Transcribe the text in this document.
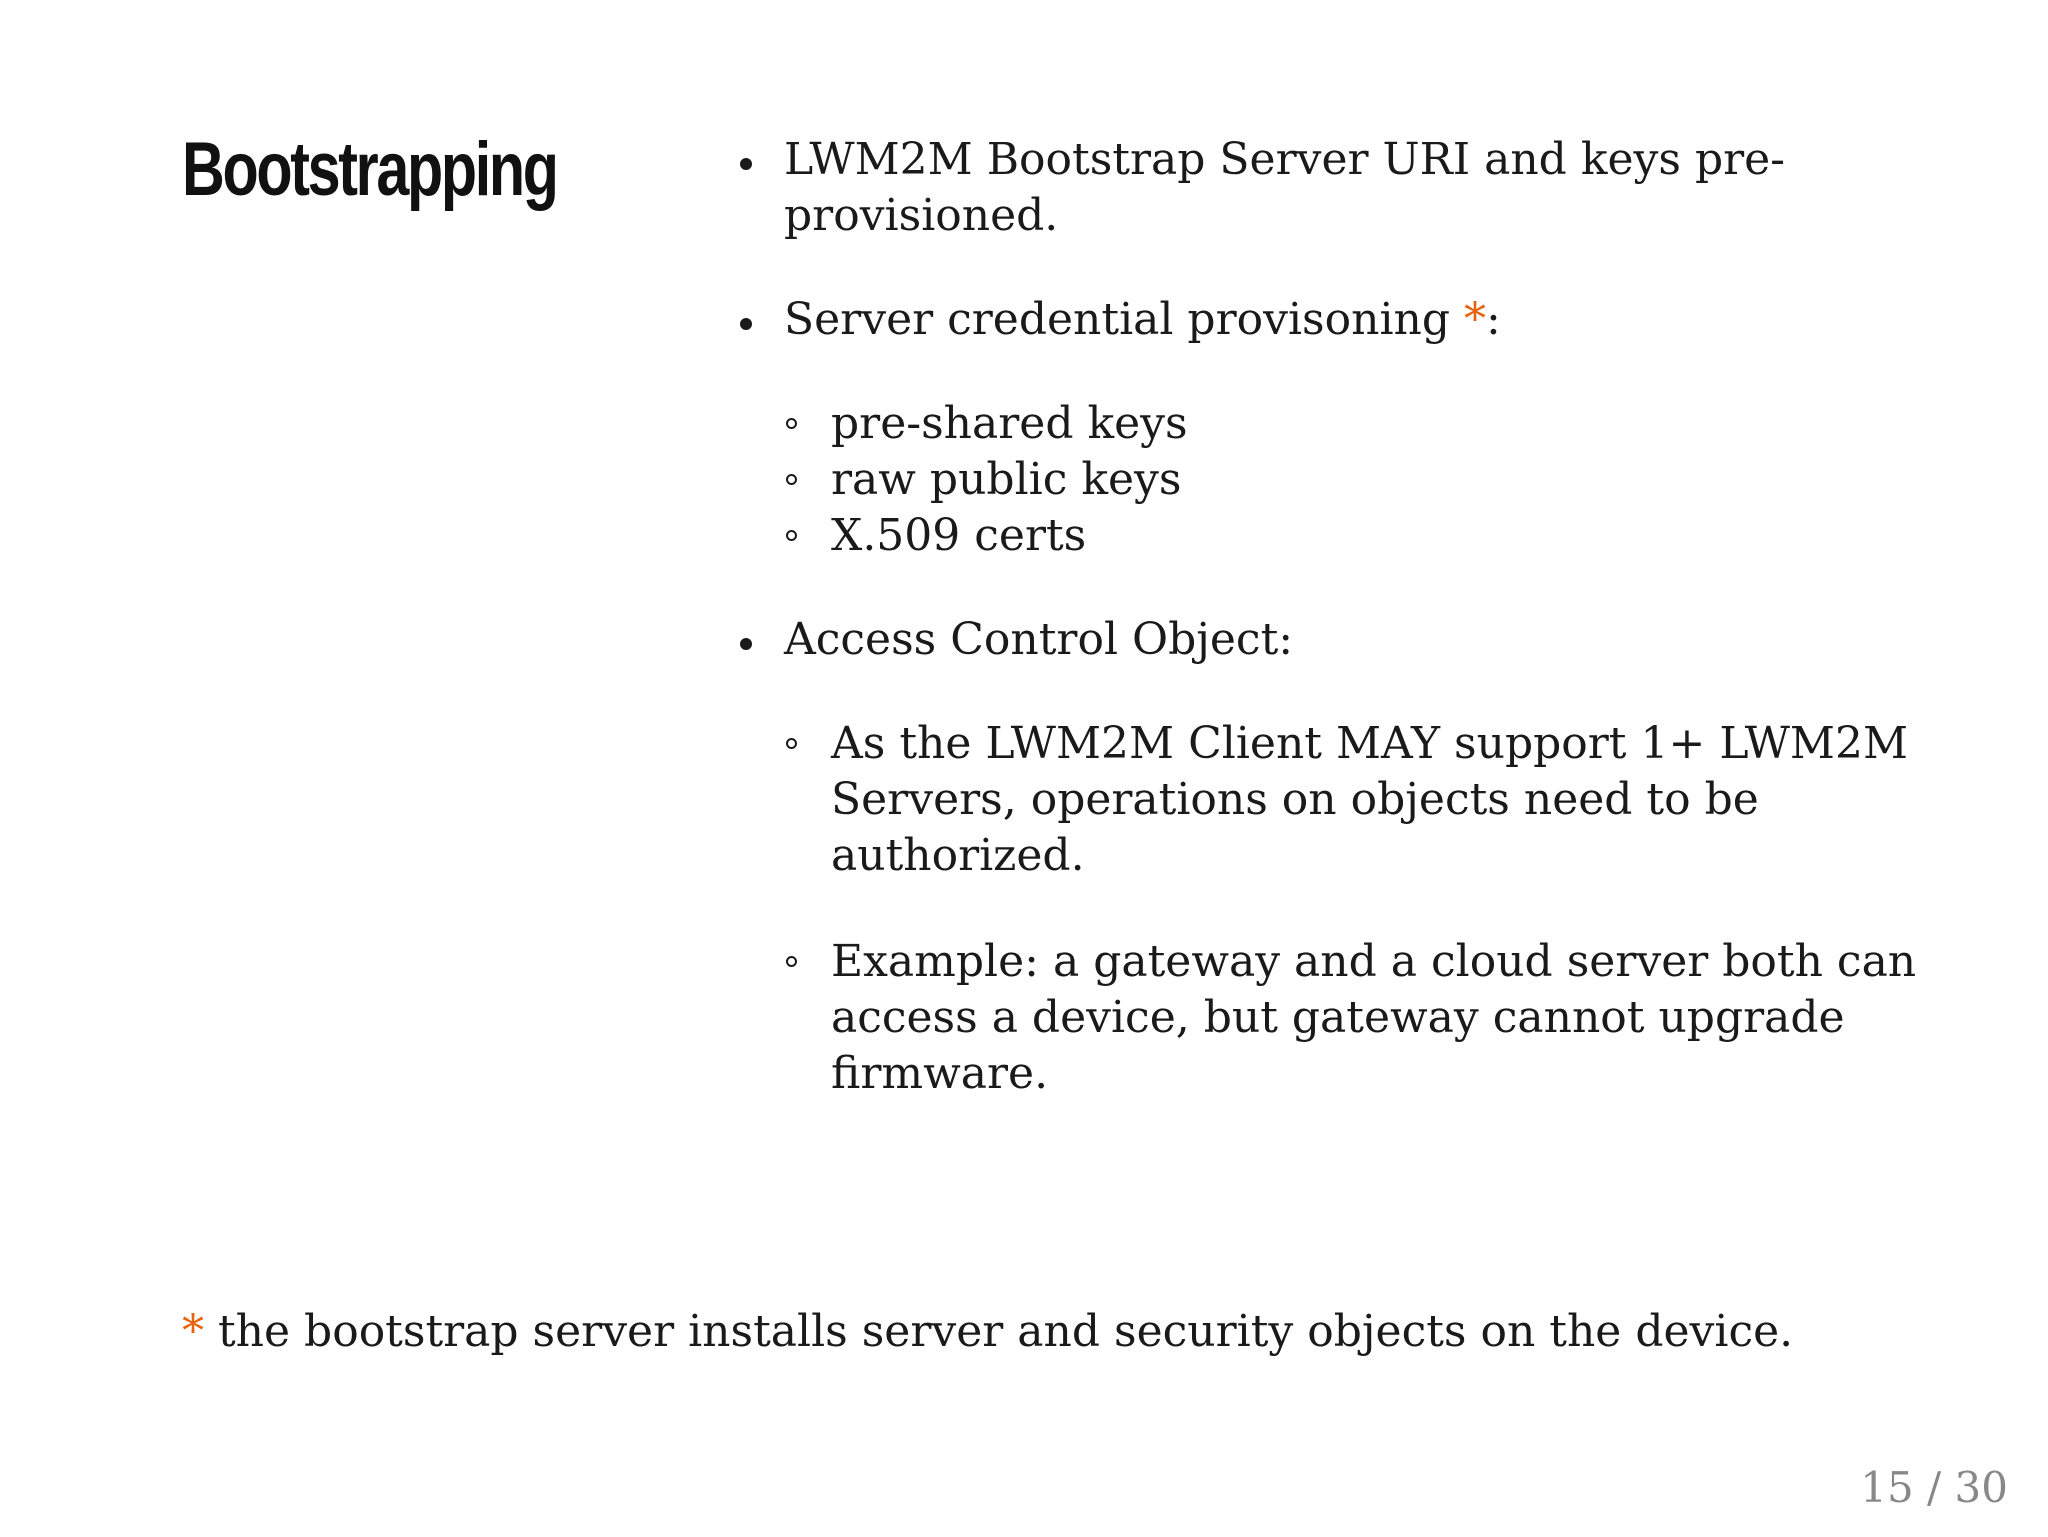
Bootstrapping	LWM2M Bootstrap Server URI and keys pre-provisioned.
Server credential provisoning *:
pre-shared keys
raw public keys
X.509 certs
Access Control Object:
As the LWM2M Client MAY support 1+ LWM2M Servers, operations on objects need to be authorized.
Example: a gateway and a cloud server both can access a device, but gateway cannot upgrade firmware.
* the bootstrap server installs server and security objects on the device.
15 / 30
